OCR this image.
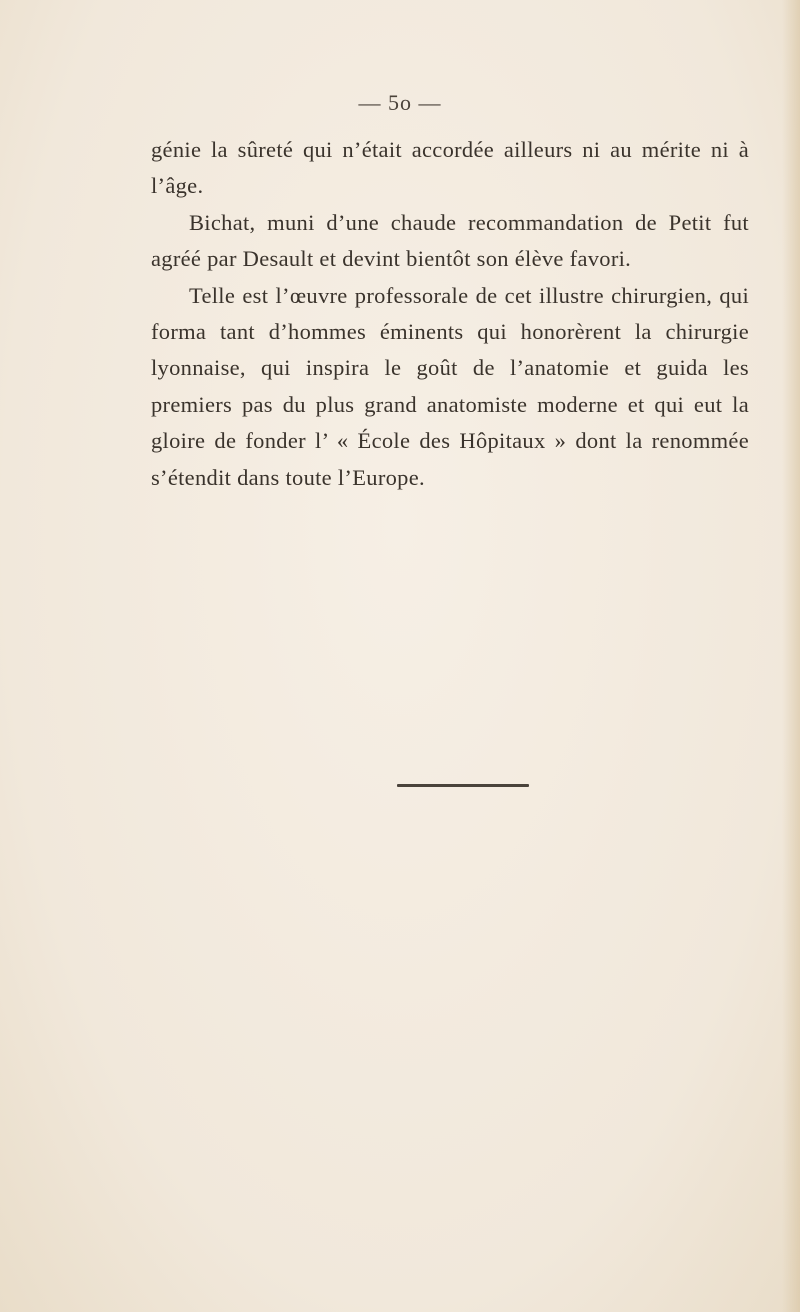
— 5o —

génie la sûreté qui n’était accordée ailleurs ni au mérite ni à l’âge.

Bichat, muni d’une chaude recommandation de Petit fut agréé par Desault et devint bientôt son élève favori.

Telle est l’œuvre professorale de cet illustre chirurgien, qui forma tant d’hommes éminents qui honorèrent la chirurgie lyonnaise, qui inspira le goût de l’anatomie et guida les premiers pas du plus grand anatomiste moderne et qui eut la gloire de fonder l’ « École des Hôpitaux » dont la renommée s’étendit dans toute l’Europe.
